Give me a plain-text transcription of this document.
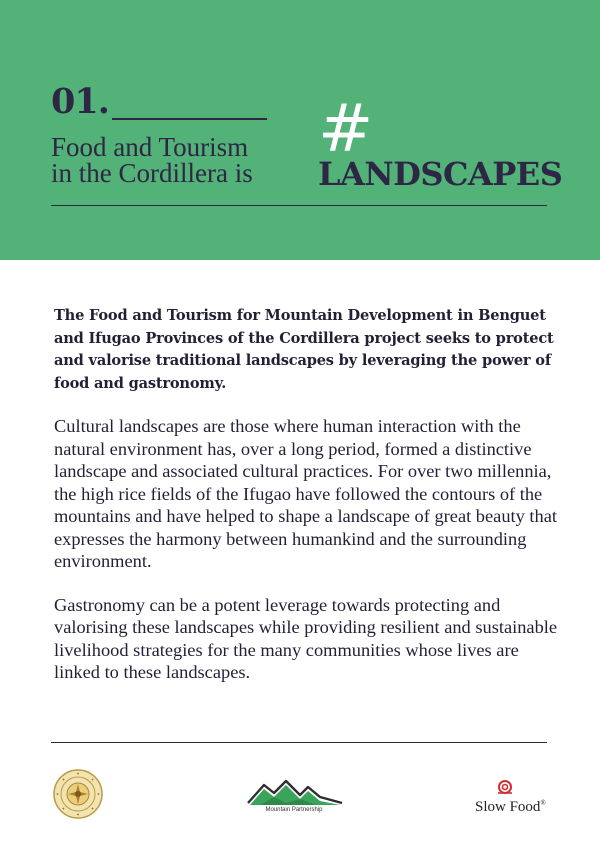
01.

Food and Tourism
in the Cordillera is

#
LANDSCAPES

The Food and Tourism for Mountain Development in Benguet and Ifugao Provinces of the Cordillera project seeks to protect and valorise traditional landscapes by leveraging the power of food and gastronomy.

Cultural landscapes are those where human interaction with the natural environment has, over a long period, formed a distinctive landscape and associated cultural practices. For over two millennia, the high rice fields of the Ifugao have followed the contours of the mountains and have helped to shape a landscape of great beauty that expresses the harmony between humankind and the surrounding environment.

Gastronomy can be a potent leverage towards protecting and valorising these landscapes while providing resilient and sustainable livelihood strategies for the many communities whose lives are linked to these landscapes.

Mountain Partnership	Slow Food®
